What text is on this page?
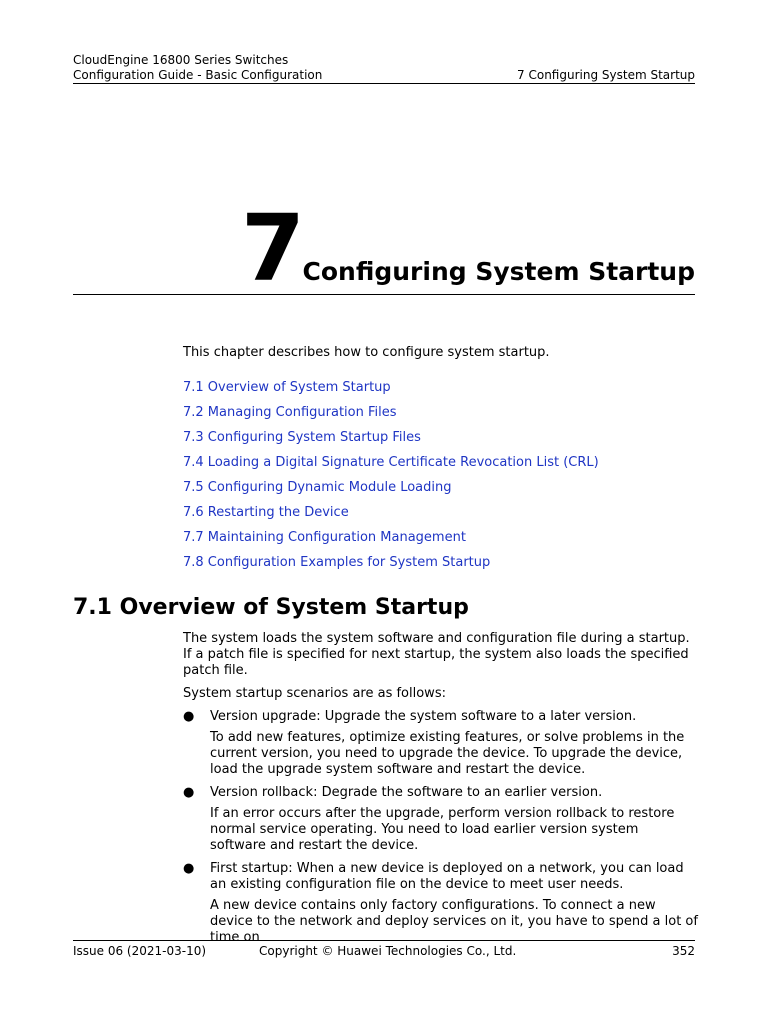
CloudEngine 16800 Series Switches
Configuration Guide - Basic Configuration	7 Configuring System Startup
7
Configuring System Startup
This chapter describes how to configure system startup.
7.1 Overview of System Startup
7.2 Managing Configuration Files
7.3 Configuring System Startup Files
7.4 Loading a Digital Signature Certificate Revocation List (CRL)
7.5 Configuring Dynamic Module Loading
7.6 Restarting the Device
7.7 Maintaining Configuration Management
7.8 Configuration Examples for System Startup
7.1 Overview of System Startup

The system loads the system software and configuration file during a startup. If a patch file is specified for next startup, the system also loads the specified patch file.

System startup scenarios are as follows:

● Version upgrade: Upgrade the system software to a later version.
To add new features, optimize existing features, or solve problems in the current version, you need to upgrade the device. To upgrade the device, load the upgrade system software and restart the device.
● Version rollback: Degrade the software to an earlier version.
If an error occurs after the upgrade, perform version rollback to restore normal service operating. You need to load earlier version system software and restart the device.
● First startup: When a new device is deployed on a network, you can load an existing configuration file on the device to meet user needs.
A new device contains only factory configurations. To connect a new device to the network and deploy services on it, you have to spend a lot of time on
Issue 06 (2021-03-10)	Copyright © Huawei Technologies Co., Ltd.	352
